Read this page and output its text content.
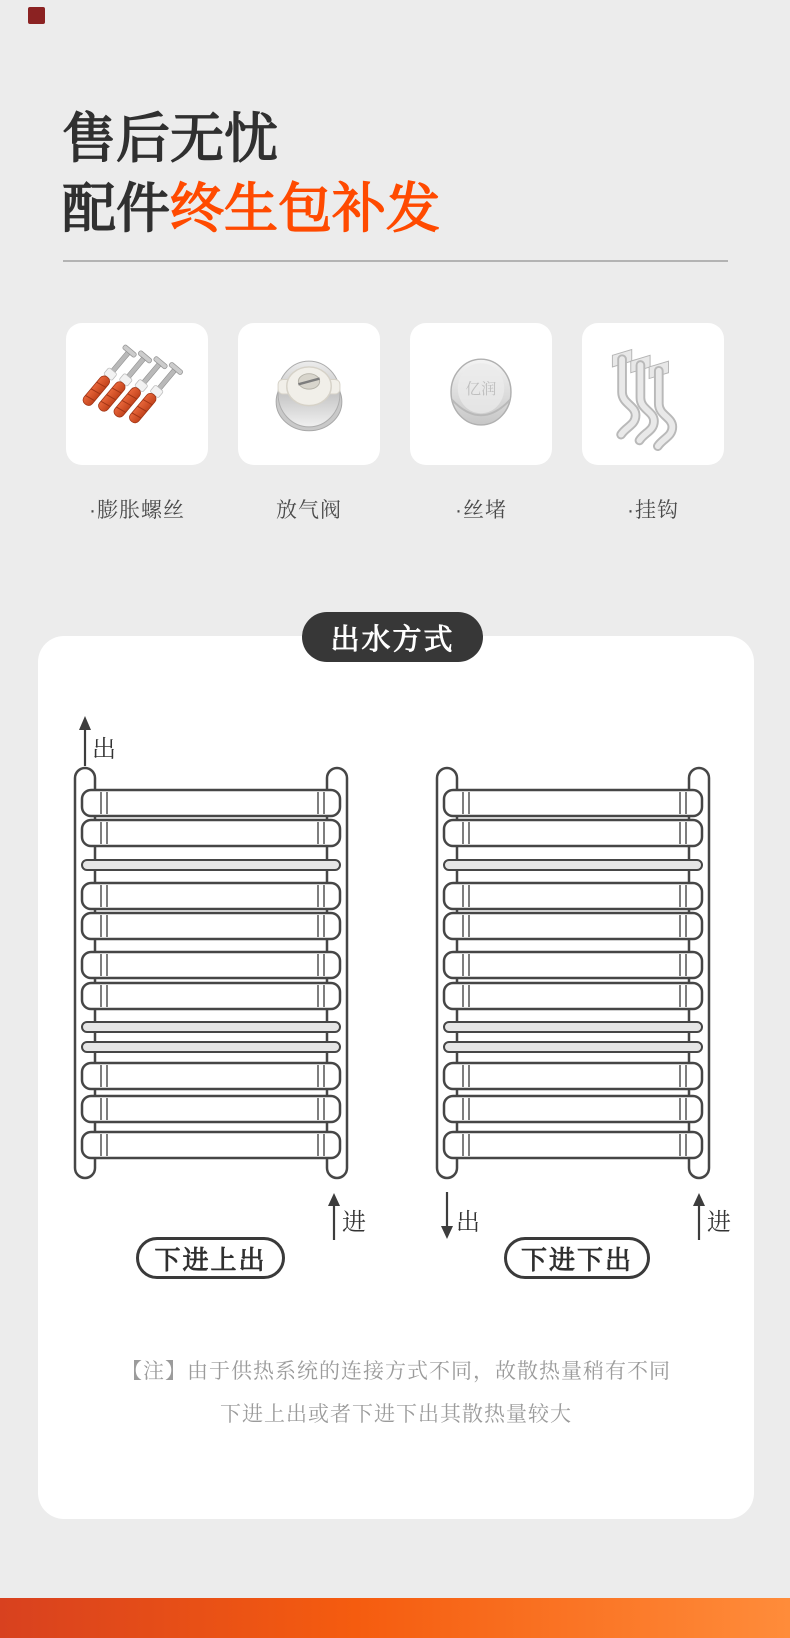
售后无忧
配件终生包补发
亿润
·膨胀螺丝	放气阀	·丝堵	·挂钩
出水方式
出
进	出	进
下进上出	下进下出
【注】由于供热系统的连接方式不同，故散热量稍有不同
下进上出或者下进下出其散热量较大
